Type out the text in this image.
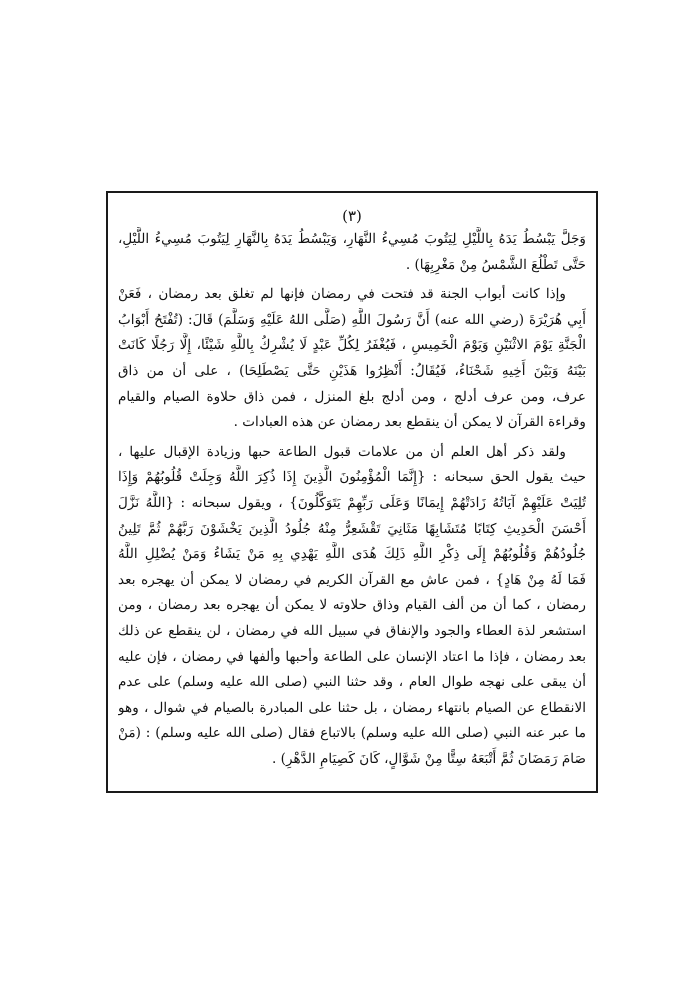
(٣)
وَجَلَّ يَبْسُطُ يَدَهُ بِاللَّيْلِ لِيَتُوبَ مُسِيءُ النَّهَارِ، وَيَبْسُطُ يَدَهُ بِالنَّهَارِ لِيَتُوبَ مُسِيءُ اللَّيْلِ،
حَتَّى تَطْلُعَ الشَّمْسُ مِنْ مَغْرِبِهَا) .
وإذا كانت أبواب الجنة قد فتحت في رمضان فإنها لم تغلق بعد رمضان ، فَعَنْ
أَبِي هُرَيْرَةَ (رضي الله عنه) أَنَّ رَسُولَ اللَّهِ (صَلَّى اللهُ عَلَيْهِ وَسَلَّمَ) قَالَ: (تُفْتَحُ أَبْوَابُ
الْجَنَّةِ يَوْمَ الاثْنَيْنِ وَيَوْمَ الْخَمِيسِ ، فَيُغْفَرُ لِكُلِّ عَبْدٍ لَا يُشْرِكُ بِاللَّهِ شَيْئًا، إِلَّا رَجُلًا كَانَتْ
بَيْنَهُ وَبَيْنَ أَخِيهِ شَحْنَاءُ، فَيُقَالُ: أَنْظِرُوا هَذَيْنِ حَتَّى يَصْطَلِحَا) ، على أن من ذاق
عرف، ومن عرف أدلج ، ومن أدلج بلغ المنزل ، فمن ذاق حلاوة الصيام والقيام
وقراءة القرآن لا يمكن أن ينقطع بعد رمضان عن هذه العبادات .
ولقد ذكر أهل العلم أن من علامات قبول الطاعة حبها وزيادة الإقبال عليها ،
حيث يقول الحق سبحانه : {إِنَّمَا الْمُؤْمِنُونَ الَّذِينَ إِذَا ذُكِرَ اللَّهُ وَجِلَتْ قُلُوبُهُمْ وَإِذَا
تُلِيَتْ عَلَيْهِمْ آيَاتُهُ زَادَتْهُمْ إِيمَانًا وَعَلَى رَبِّهِمْ يَتَوَكَّلُونَ} ، ويقول سبحانه : {اللَّهُ نَزَّلَ
أَحْسَنَ الْحَدِيثِ كِتَابًا مُتَشَابِهًا مَثَانِيَ تَقْشَعِرُّ مِنْهُ جُلُودُ الَّذِينَ يَخْشَوْنَ رَبَّهُمْ ثُمَّ تَلِينُ
جُلُودُهُمْ وَقُلُوبُهُمْ إِلَى ذِكْرِ اللَّهِ ذَلِكَ هُدَى اللَّهِ يَهْدِي بِهِ مَنْ يَشَاءُ وَمَنْ يُضْلِلِ اللَّهُ
فَمَا لَهُ مِنْ هَادٍ} ، فمن عاش مع القرآن الكريم في رمضان لا يمكن أن يهجره بعد
رمضان ، كما أن من ألف القيام وذاق حلاوته لا يمكن أن يهجره بعد رمضان ، ومن
استشعر لذة العطاء والجود والإنفاق في سبيل الله في رمضان ، لن ينقطع عن ذلك
بعد رمضان ، فإذا ما اعتاد الإنسان على الطاعة وأحبها وألفها في رمضان ، فإن عليه
أن يبقى على نهجه طوال العام ، وقد حثنا النبي (صلى الله عليه وسلم) على عدم
الانقطاع عن الصيام بانتهاء رمضان ، بل حثنا على المبادرة بالصيام في شوال ، وهو
ما عبر عنه النبي (صلى الله عليه وسلم) بالاتباع فقال (صلى الله عليه وسلم) : (مَنْ
صَامَ رَمَضَانَ ثُمَّ أَتْبَعَهُ سِتًّا مِنْ شَوَّالٍ، كَانَ كَصِيَامِ الدَّهْرِ) .
